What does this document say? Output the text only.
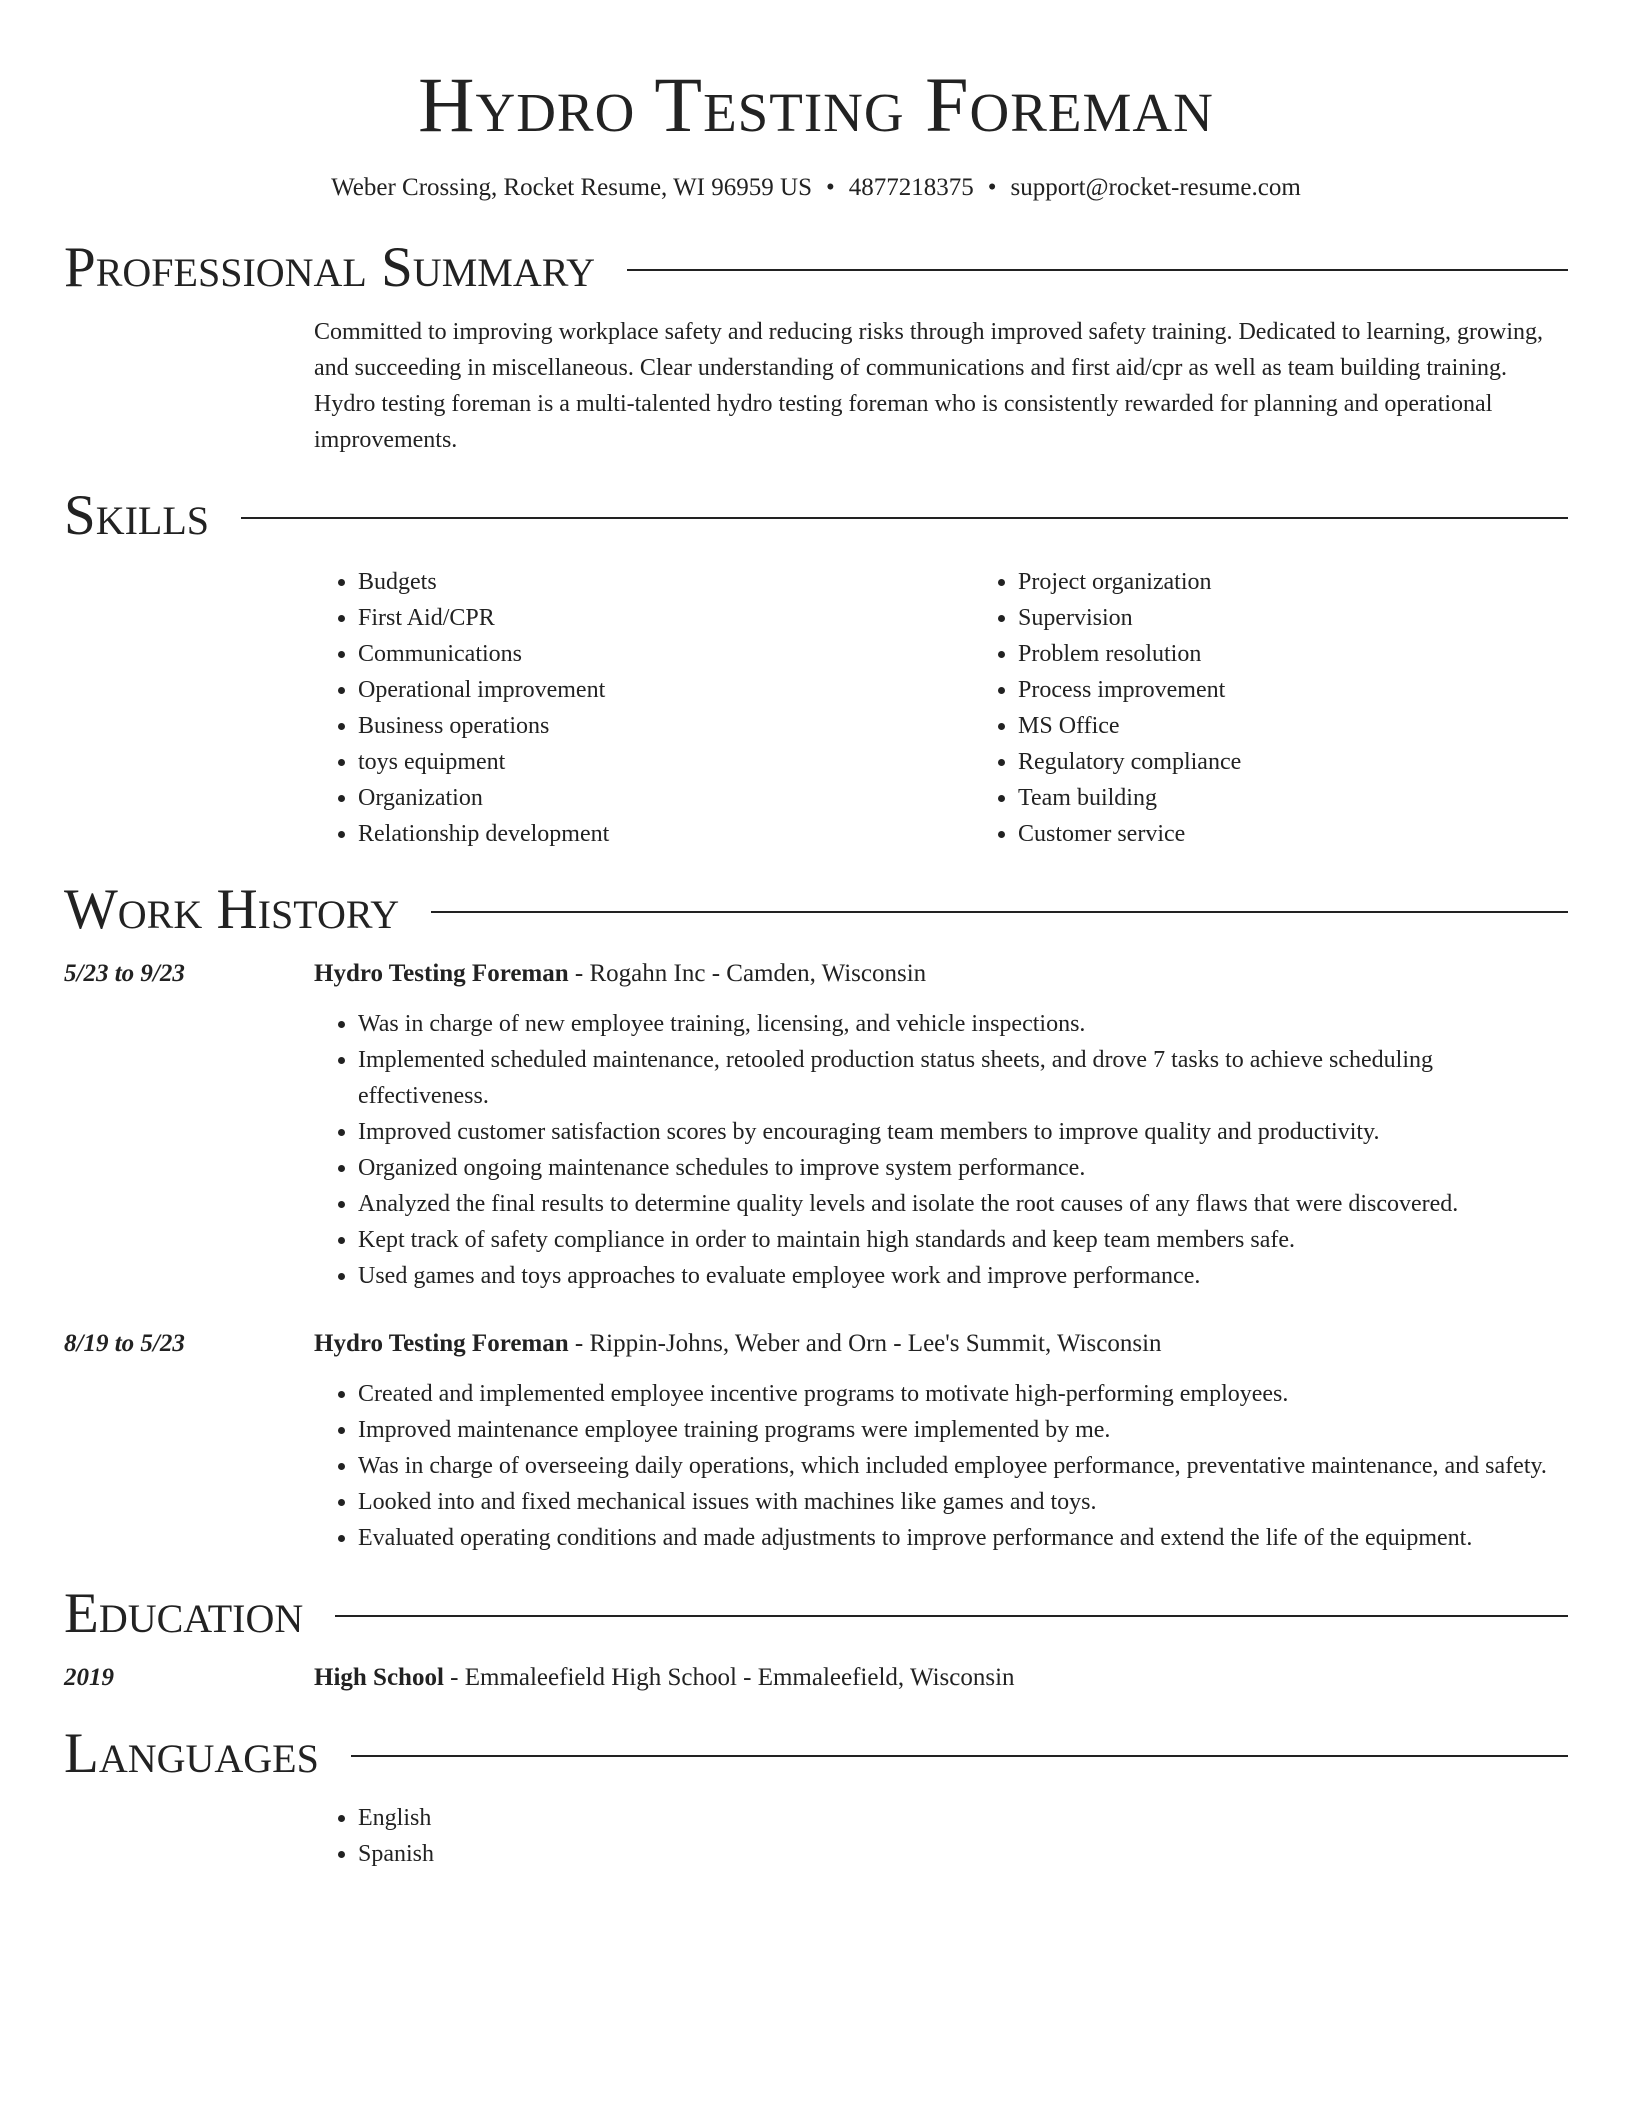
Hydro Testing Foreman
Weber Crossing, Rocket Resume, WI 96959 US • 4877218375 • support@rocket-resume.com
Professional Summary

Committed to improving workplace safety and reducing risks through improved safety training. Dedicated to learning, growing, and succeeding in miscellaneous. Clear understanding of communications and first aid/cpr as well as team building training. Hydro testing foreman is a multi-talented hydro testing foreman who is consistently rewarded for planning and operational improvements.

Skills
• Budgets
• First Aid/CPR
• Communications
• Operational improvement
• Business operations
• toys equipment
• Organization
• Relationship development
• Project organization
• Supervision
• Problem resolution
• Process improvement
• MS Office
• Regulatory compliance
• Team building
• Customer service
Work History
5/23 to 9/23	Hydro Testing Foreman - Rogahn Inc - Camden, Wisconsin
• Was in charge of new employee training, licensing, and vehicle inspections.
• Implemented scheduled maintenance, retooled production status sheets, and drove 7 tasks to achieve scheduling effectiveness.
• Improved customer satisfaction scores by encouraging team members to improve quality and productivity.
• Organized ongoing maintenance schedules to improve system performance.
• Analyzed the final results to determine quality levels and isolate the root causes of any flaws that were discovered.
• Kept track of safety compliance in order to maintain high standards and keep team members safe.
• Used games and toys approaches to evaluate employee work and improve performance.
8/19 to 5/23	Hydro Testing Foreman - Rippin-Johns, Weber and Orn - Lee's Summit, Wisconsin
• Created and implemented employee incentive programs to motivate high-performing employees.
• Improved maintenance employee training programs were implemented by me.
• Was in charge of overseeing daily operations, which included employee performance, preventative maintenance, and safety.
• Looked into and fixed mechanical issues with machines like games and toys.
• Evaluated operating conditions and made adjustments to improve performance and extend the life of the equipment.
Education
2019	High School - Emmaleefield High School - Emmaleefield, Wisconsin
Languages
• English
• Spanish
